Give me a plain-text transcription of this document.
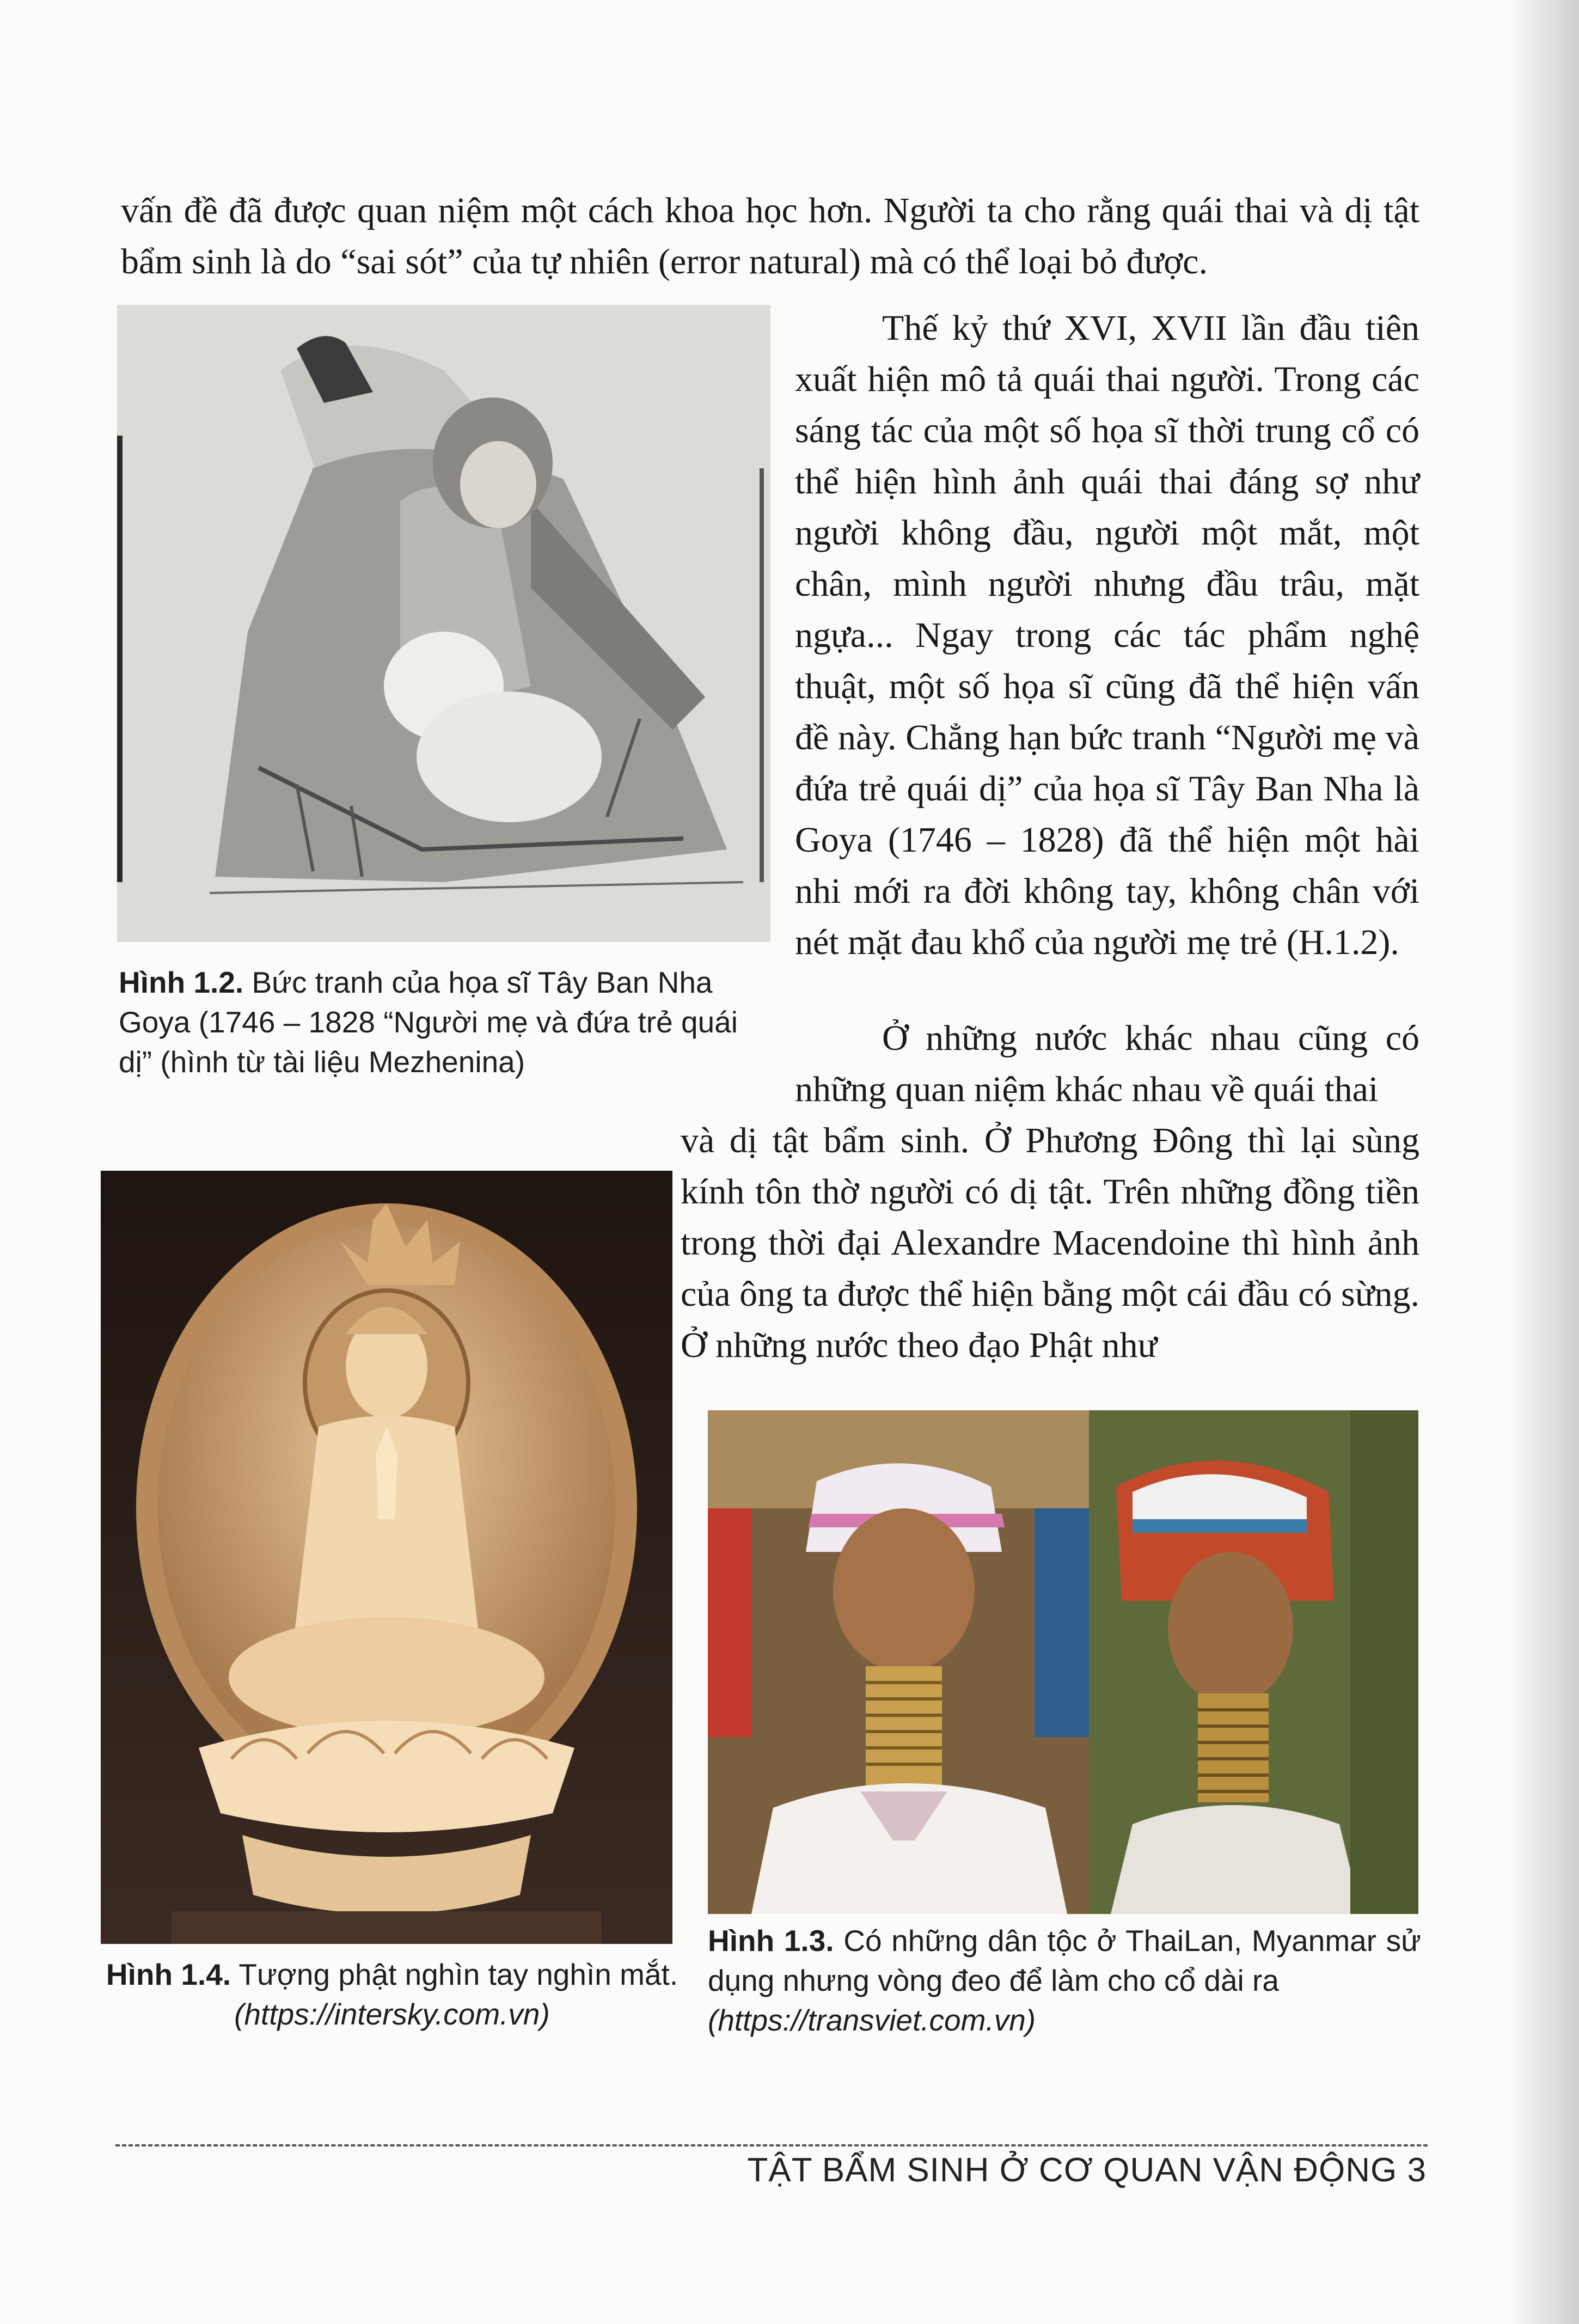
vấn đề đã được quan niệm một cách khoa học hơn. Người ta cho rằng quái thai và dị tật bẩm sinh là do “sai sót” của tự nhiên (error natural) mà có thể loại bỏ được.

Thế kỷ thứ XVI, XVII lần đầu tiên xuất hiện mô tả quái thai người. Trong các sáng tác của một số họa sĩ thời trung cổ có thể hiện hình ảnh quái thai đáng sợ như người không đầu, người một mắt, một chân, mình người nhưng đầu trâu, mặt ngựa... Ngay trong các tác phẩm nghệ thuật, một số họa sĩ cũng đã thể hiện vấn đề này. Chẳng hạn bức tranh “Người mẹ và đứa trẻ quái dị” của họa sĩ Tây Ban Nha là Goya (1746 – 1828) đã thể hiện một hài nhi mới ra đời không tay, không chân với nét mặt đau khổ của người mẹ trẻ (H.1.2).

Hình 1.2. Bức tranh của họa sĩ Tây Ban Nha Goya (1746 – 1828 “Người mẹ và đứa trẻ quái dị” (hình từ tài liệu Mezhenina)

Ở những nước khác nhau cũng có những quan niệm khác nhau về quái thai

và dị tật bẩm sinh. Ở Phương Đông thì lại sùng kính tôn thờ người có dị tật. Trên những đồng tiền trong thời đại Alexandre Macendoine thì hình ảnh của ông ta được thể hiện bằng một cái đầu có sừng. Ở những nước theo đạo Phật như

Hình 1.4. Tượng phật nghìn tay nghìn mắt.
(https://intersky.com.vn)

Hình 1.3. Có những dân tộc ở ThaiLan, Myanmar sử dụng nhưng vòng đeo để làm cho cổ dài ra
(https://transviet.com.vn)

TẬT BẨM SINH Ở CƠ QUAN VẬN ĐỘNG 3
